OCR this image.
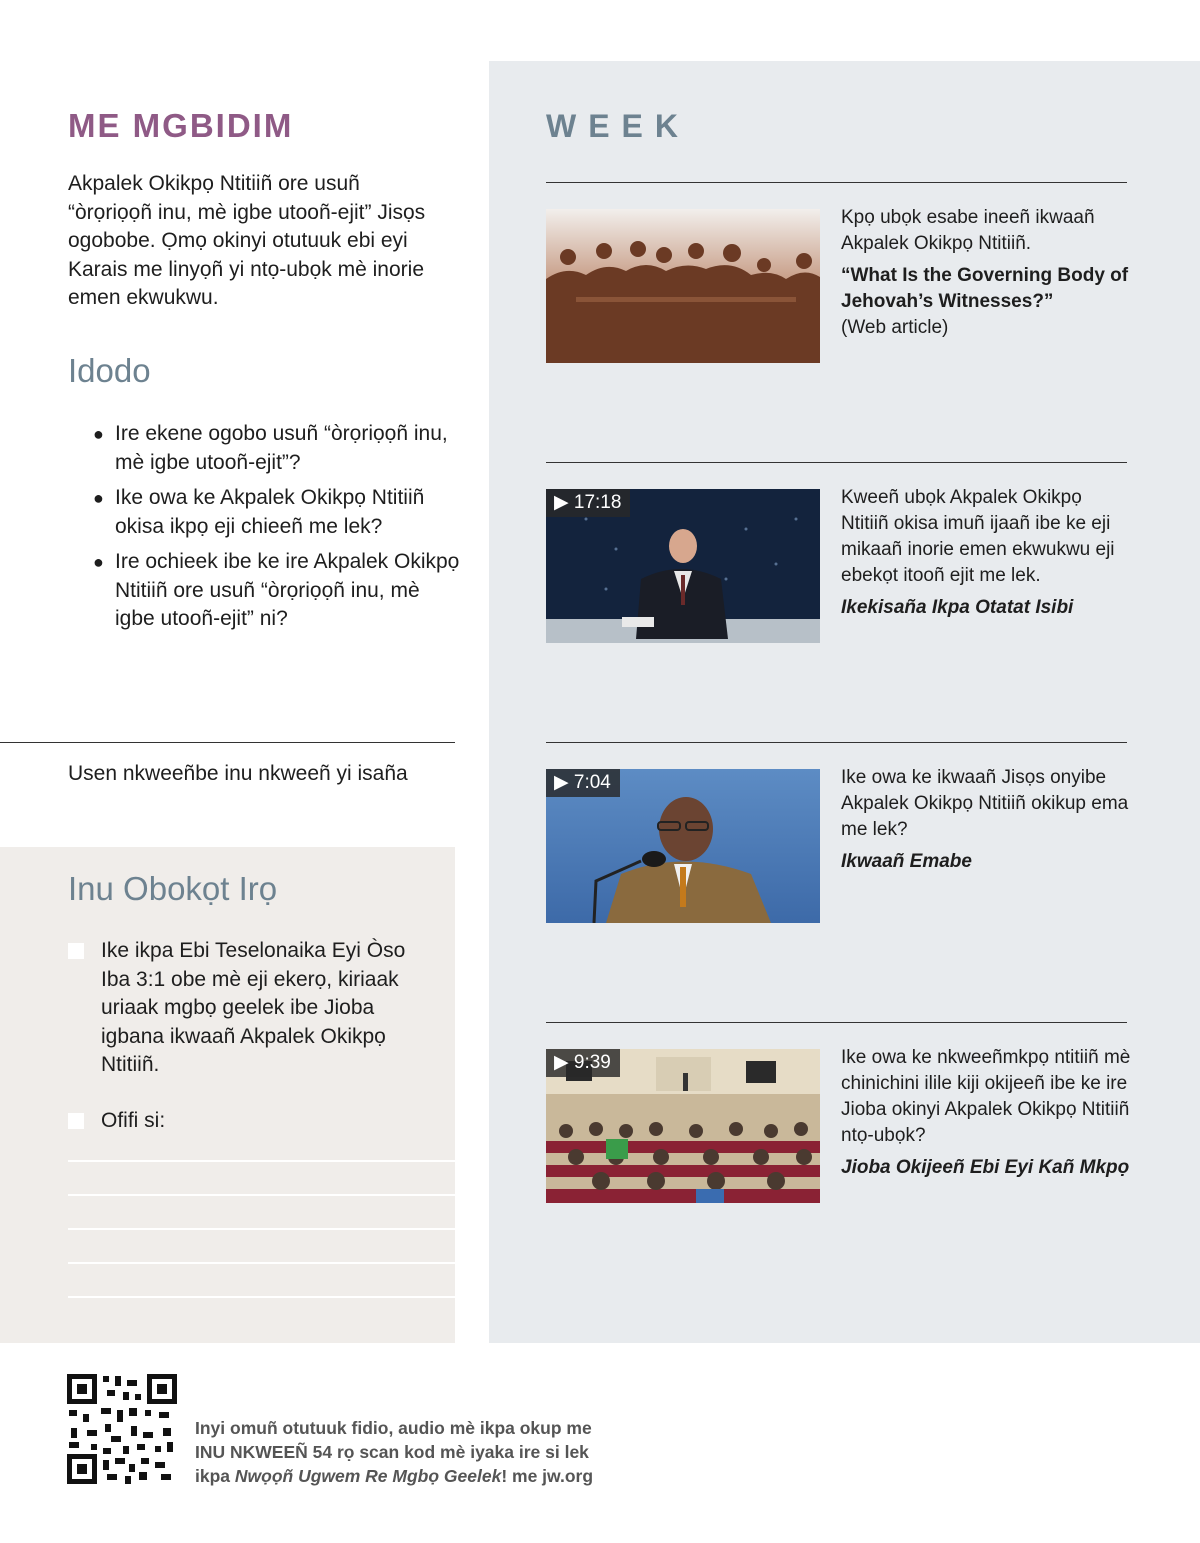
ME MGBIDIM

Akpalek Okikpọ Ntitiiñ ore usuñ “òrọriọọñ inu, mè igbe utooñ-ejit” Jisọs ogobobe. Ọmọ okinyi otutuuk ebi eyi Karais me linyọñ yi ntọ-ubọk mè inorie emen ekwukwu.

Idodo
● Ire ekene ogobo usuñ “òrọriọọñ inu, mè igbe utooñ-ejit”?
● Ike owa ke Akpalek Okikpọ Ntitiiñ okisa ikpọ eji chieeñ me lek?
● Ire ochieek ibe ke ire Akpalek Okikpọ Ntitiiñ ore usuñ “òrọriọọñ inu, mè igbe utooñ-ejit” ni?

Usen nkweeñbe inu nkweeñ yi isaña

Inu Obokọt Irọ
Ike ikpa Ebi Teselonaika Eyi Òso Iba 3:1 obe mè eji ekerọ, kiriaak uriaak mgbọ geelek ibe Jioba igbana ikwaañ Akpalek Okikpọ Ntitiiñ.
Ofifi si:
WEEK

Kpọ ubọk esabe ineeñ ikwaañ Akpalek Okikpọ Ntitiiñ.

“What Is the Governing Body of Jehovah’s Witnesses?”

(Web article)

▶ 17:18	Kweeñ ubọk Akpalek Okikpọ Ntitiiñ okisa imuñ ijaañ ibe ke eji mikaañ inorie emen ekwukwu eji ebekọt itooñ ejit me lek.

Ikekisaña Ikpa Otatat Isibi

▶ 7:04	Ike owa ke ikwaañ Jisọs onyibe Akpalek Okikpọ Ntitiiñ okikup ema me lek?

Ikwaañ Emabe

▶ 9:39	Ike owa ke nkweeñmkpọ ntitiiñ mè chinichini ilile kiji okijeeñ ibe ke ire Jioba okinyi Akpalek Okikpọ Ntitiiñ ntọ-ubọk?

Jioba Okijeeñ Ebi Eyi Kañ Mkpọ

Inyi omuñ otutuuk fidio, audio mè ikpa okup me

INU NKWEEÑ 54 rọ scan kod mè iyaka ire si lek

ikpa Nwọọñ Ugwem Re Mgbọ Geelek! me jw.org
